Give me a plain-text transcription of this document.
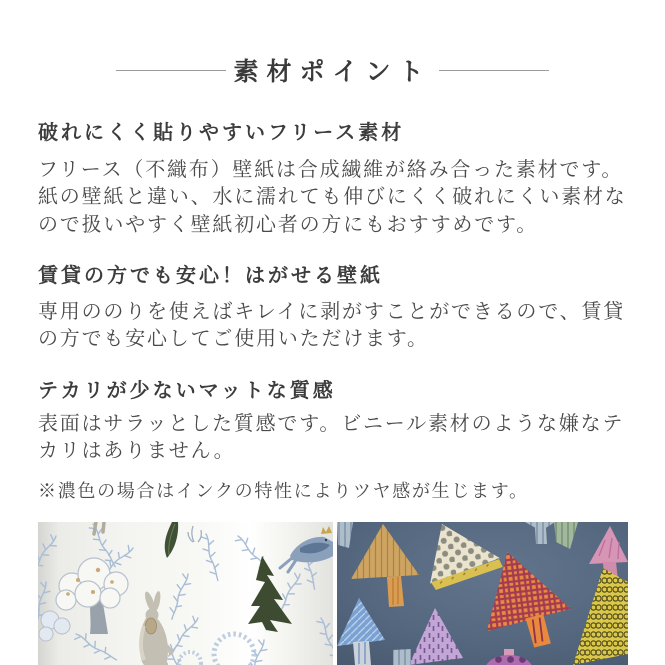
素材ポイント
破れにくく貼りやすいフリース素材

フリース（不織布）壁紙は合成繊維が絡み合った素材です。
紙の壁紙と違い、水に濡れても伸びにくく破れにくい素材な
ので扱いやすく壁紙初心者の方にもおすすめです。

賃貸の方でも安心！はがせる壁紙

専用ののりを使えばキレイに剥がすことができるので、賃貸
の方でも安心してご使用いただけます。

テカリが少ないマットな質感

表面はサラッとした質感です。ビニール素材のような嫌なテ
カリはありません。

※濃色の場合はインクの特性によりツヤ感が生じます。
